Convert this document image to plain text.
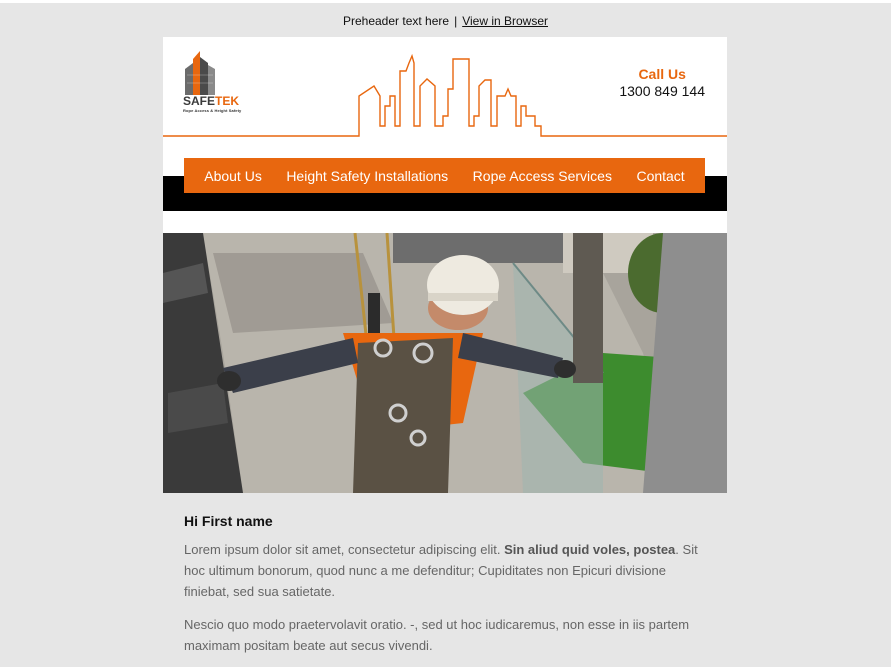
Preheader text here | View in Browser
SAFETEK
Rope Access & Height Safety
Call Us
1300 849 144
About Us Height Safety Installations Rope Access Services Contact

Hi First name

Lorem ipsum dolor sit amet, consectetur adipiscing elit. Sin aliud quid voles, postea. Sit hoc ultimum bonorum, quod nunc a me defenditur; Cupiditates non Epicuri divisione finiebat, sed sua satietate.

Nescio quo modo praetervolavit oratio. -, sed ut hoc iudicaremus, non esse in iis partem maximam positam beate aut secus vivendi.
